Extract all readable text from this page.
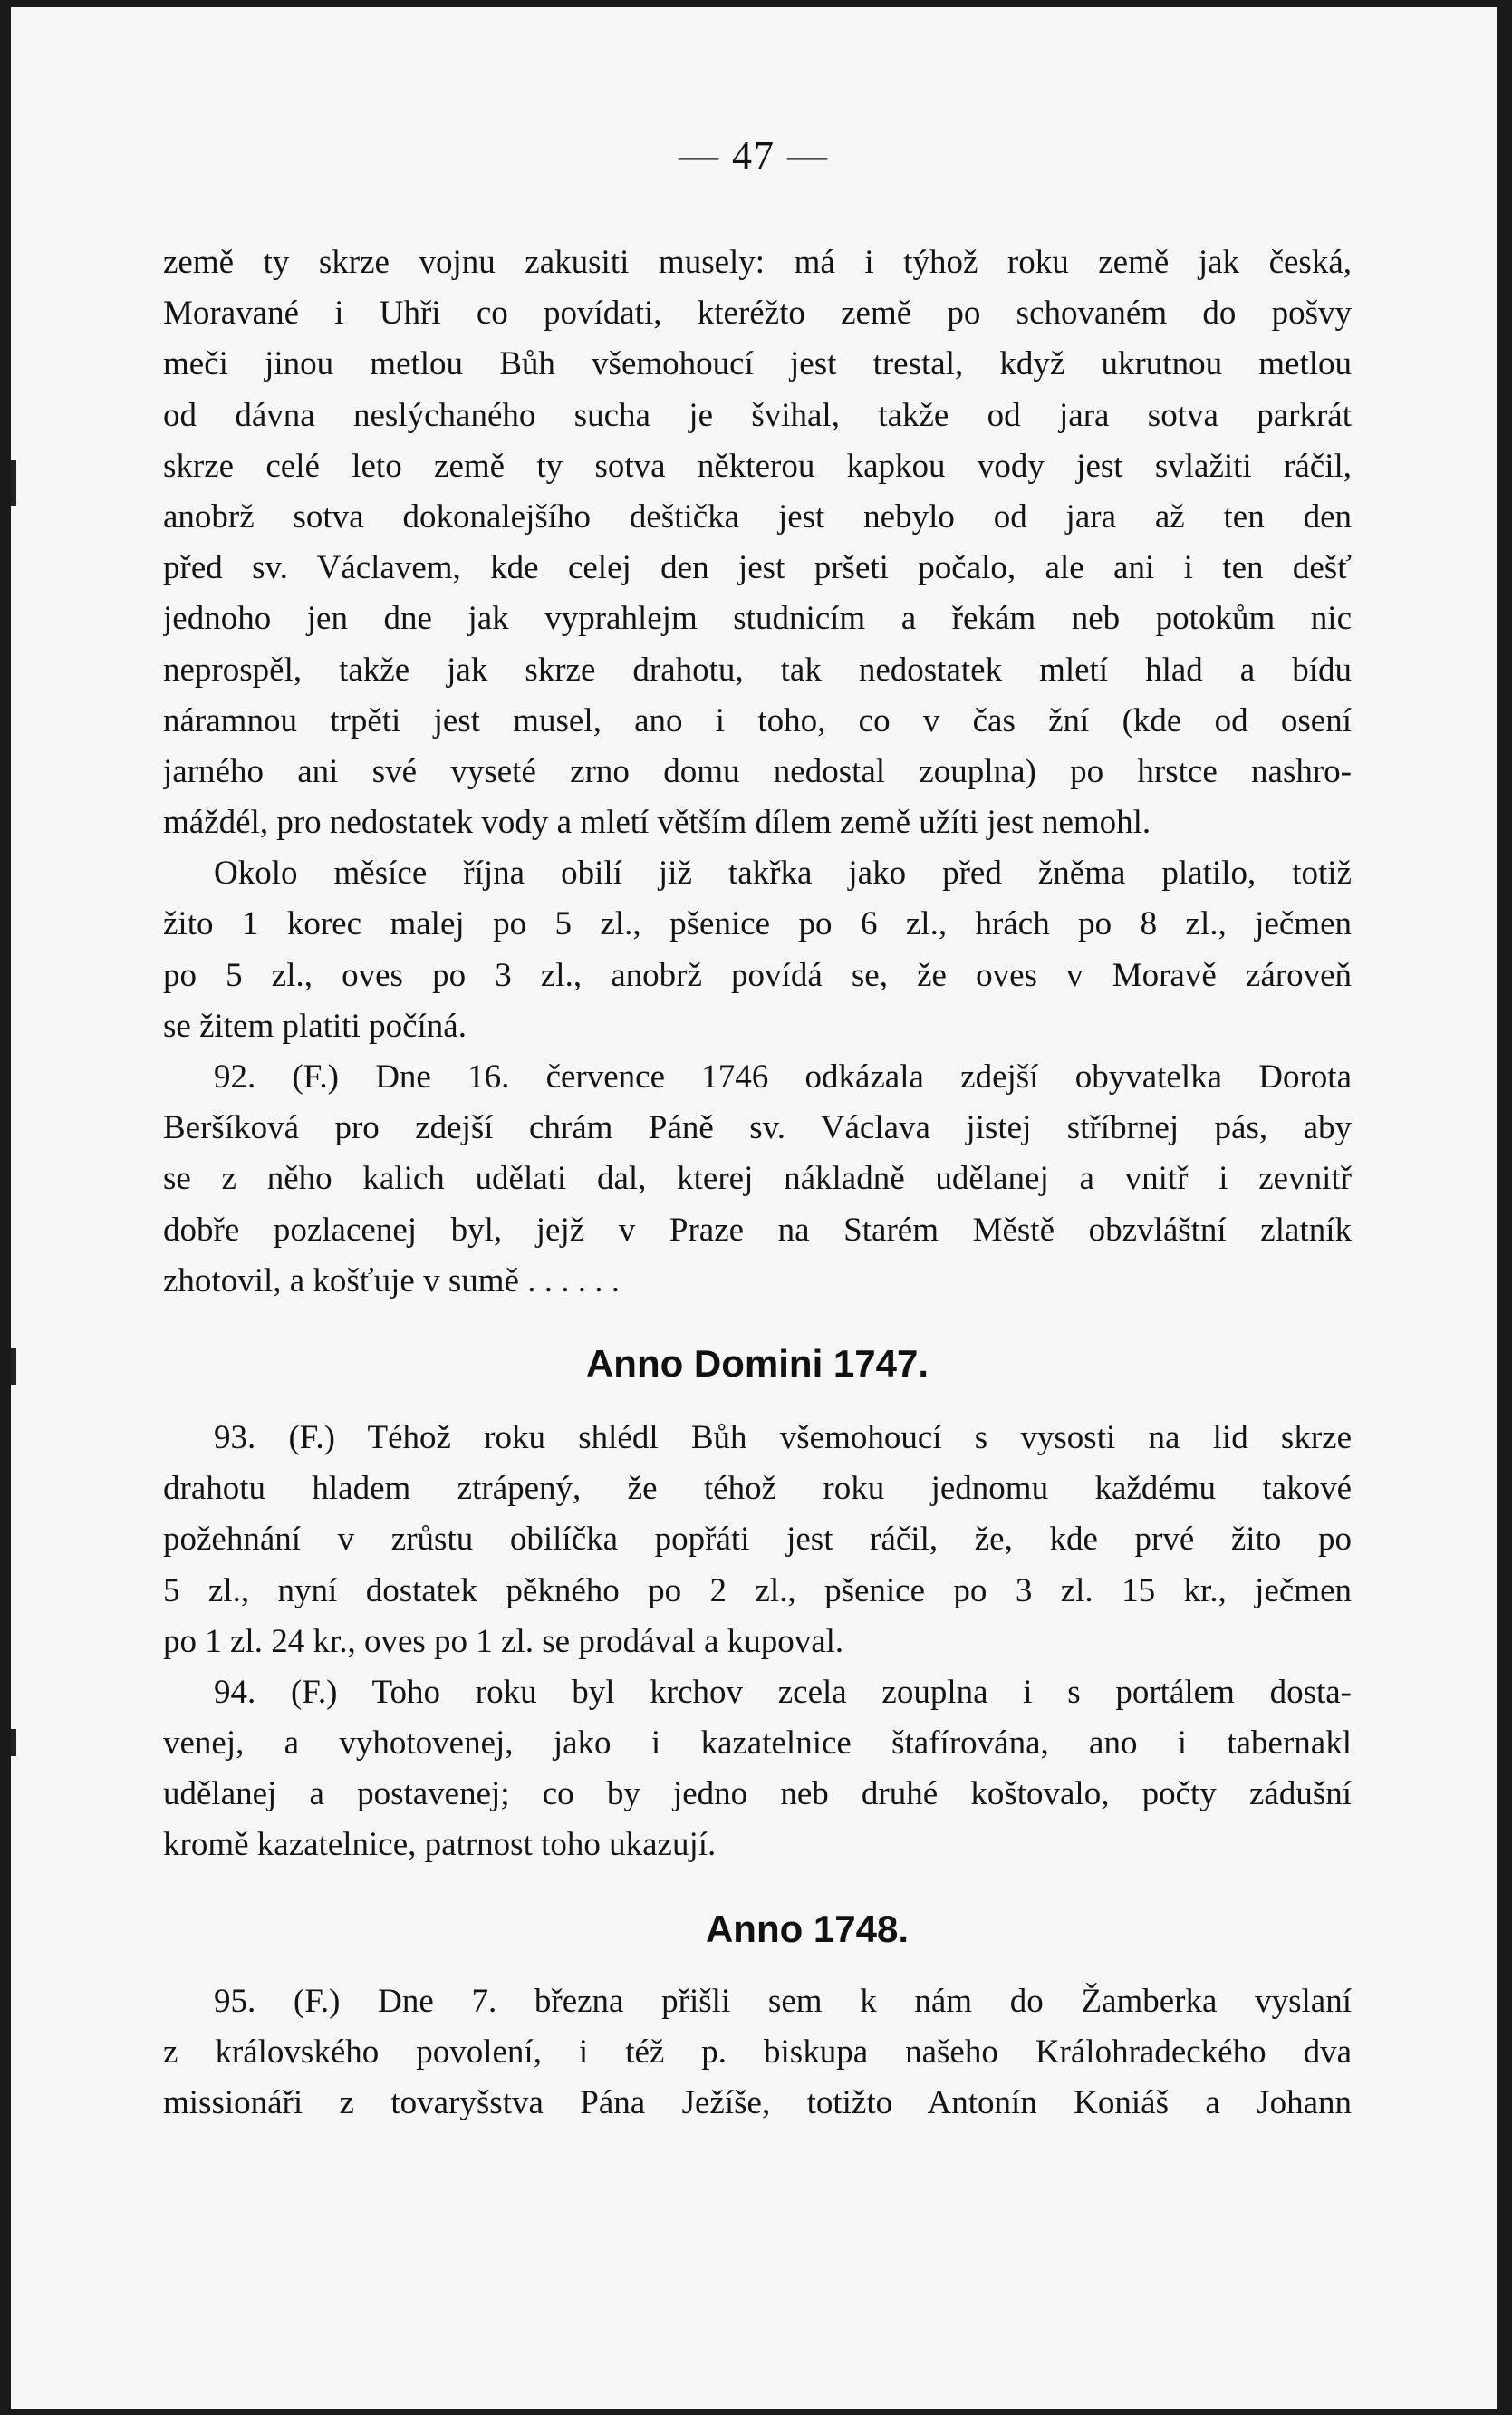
— 47 —
země ty skrze vojnu zakusiti musely: má i týhož roku země jak česká,
Moravané i Uhři co povídati, kteréžto země po schovaném do pošvy
meči jinou metlou Bůh všemohoucí jest trestal, když ukrutnou metlou
od dávna neslýchaného sucha je švihal, takže od jara sotva parkrát
skrze celé leto země ty sotva některou kapkou vody jest svlažiti ráčil,
anobrž sotva dokonalejšího deštička jest nebylo od jara až ten den
před sv. Václavem, kde celej den jest pršeti počalo, ale ani i ten dešť
jednoho jen dne jak vyprahlejm studnicím a řekám neb potokům nic
neprospěl, takže jak skrze drahotu, tak nedostatek mletí hlad a bídu
náramnou trpěti jest musel, ano i toho, co v čas žní (kde od osení
jarného ani své vyseté zrno domu nedostal zouplna) po hrstce nashro-
máždél, pro nedostatek vody a mletí větším dílem země užíti jest nemohl.
Okolo měsíce října obilí již takřka jako před žněma platilo, totiž
žito 1 korec malej po 5 zl., pšenice po 6 zl., hrách po 8 zl., ječmen
po 5 zl., oves po 3 zl., anobrž povídá se, že oves v Moravě zároveň
se žitem platiti počíná.
92. (F.) Dne 16. července 1746 odkázala zdejší obyvatelka Dorota
Beršíková pro zdejší chrám Páně sv. Václava jistej stříbrnej pás, aby
se z něho kalich udělati dal, kterej nákladně udělanej a vnitř i zevnitř
dobře pozlacenej byl, jejž v Praze na Starém Městě obzvláštní zlatník
zhotovil, a košťuje v sumě . . . . . .
Anno Domini 1747.
93. (F.) Téhož roku shlédl Bůh všemohoucí s vysosti na lid skrze
drahotu hladem ztrápený, že téhož roku jednomu každému takové
požehnání v zrůstu obilíčka popřáti jest ráčil, že, kde prvé žito po
5 zl., nyní dostatek pěkného po 2 zl., pšenice po 3 zl. 15 kr., ječmen
po 1 zl. 24 kr., oves po 1 zl. se prodával a kupoval.
94. (F.) Toho roku byl krchov zcela zouplna i s portálem dosta-
venej, a vyhotovenej, jako i kazatelnice štafírována, ano i tabernakl
udělanej a postavenej; co by jedno neb druhé koštovalo, počty zádušní
kromě kazatelnice, patrnost toho ukazují.
Anno 1748.
95. (F.) Dne 7. března přišli sem k nám do Žamberka vyslaní
z královského povolení, i též p. biskupa našeho Králohradeckého dva
missionáři z tovaryšstva Pána Ježíše, totižto Antonín Koniáš a Johann
